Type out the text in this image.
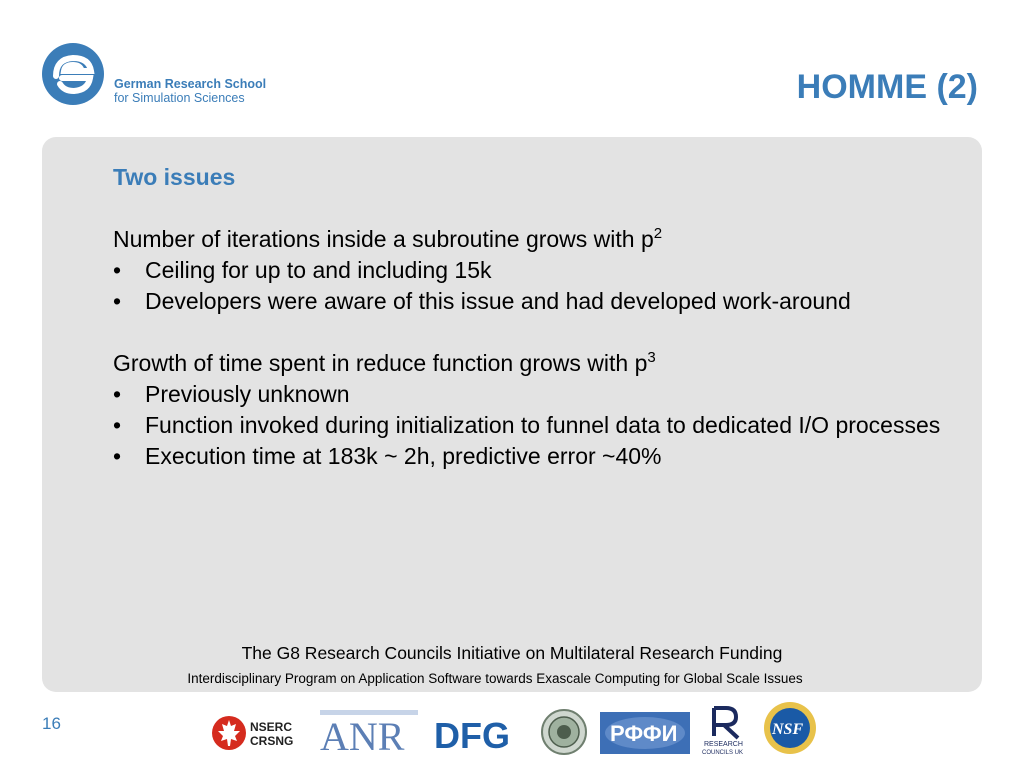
German Research School
for Simulation Sciences	HOMME (2)
Two issues
Number of iterations inside a subroutine grows with $p^2$
• Ceiling for up to and including 15k
• Developers were aware of this issue and had developed work-around
Growth of time spent in reduce function grows with $p^3$
• Previously unknown
• Function invoked during initialization to funnel data to dedicated I/O processes
• Execution time at 183k ~ 2h, predictive error ~40%
The G8 Research Councils Initiative on Multilateral Research Funding
Interdisciplinary Program on Application Software towards Exascale Computing for Global Scale Issues
16	NSERC
CRSNG ANR DFG	РФФИ	RESEARCH
COUNCILS UK
NSF
